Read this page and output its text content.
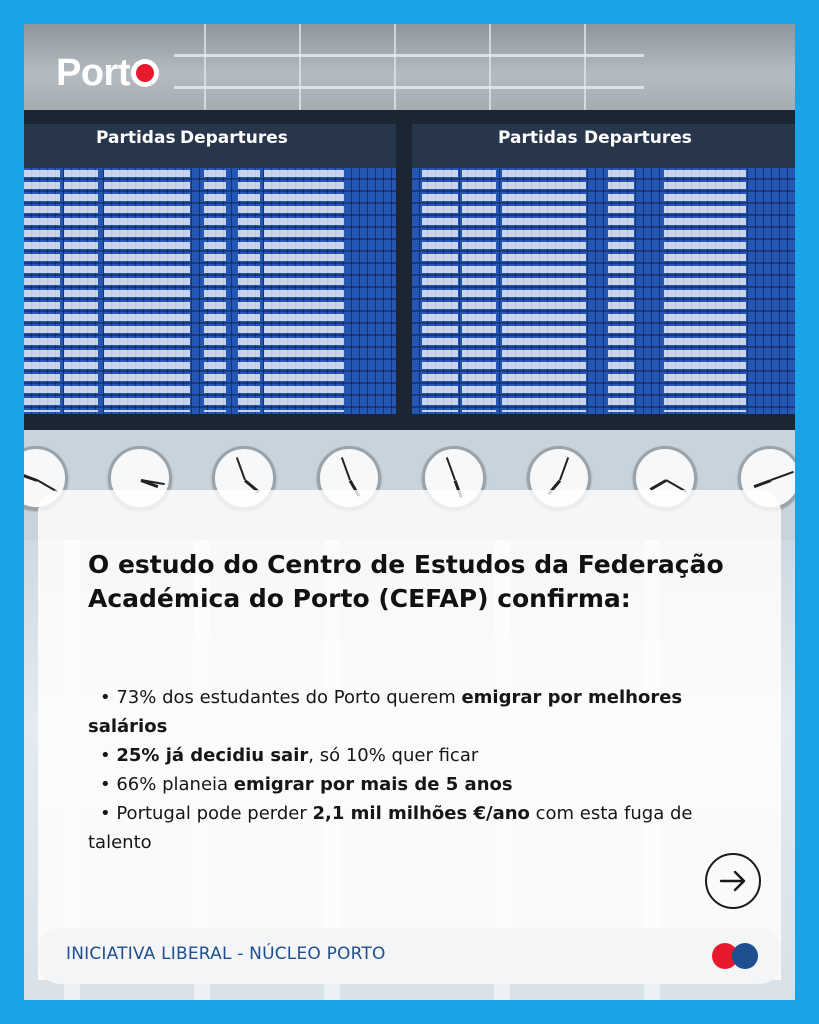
Partidas Departures	Partidas Departures
Port
O estudo do Centro de Estudos da Federação Académica do Porto (CEFAP) confirma:
• 73% dos estudantes do Porto querem emigrar por melhores salários
• 25% já decidiu sair, só 10% quer ficar
• 66% planeia emigrar por mais de 5 anos
• Portugal pode perder 2,1 mil milhões €/ano com esta fuga de talento
INICIATIVA LIBERAL - NÚCLEO PORTO
